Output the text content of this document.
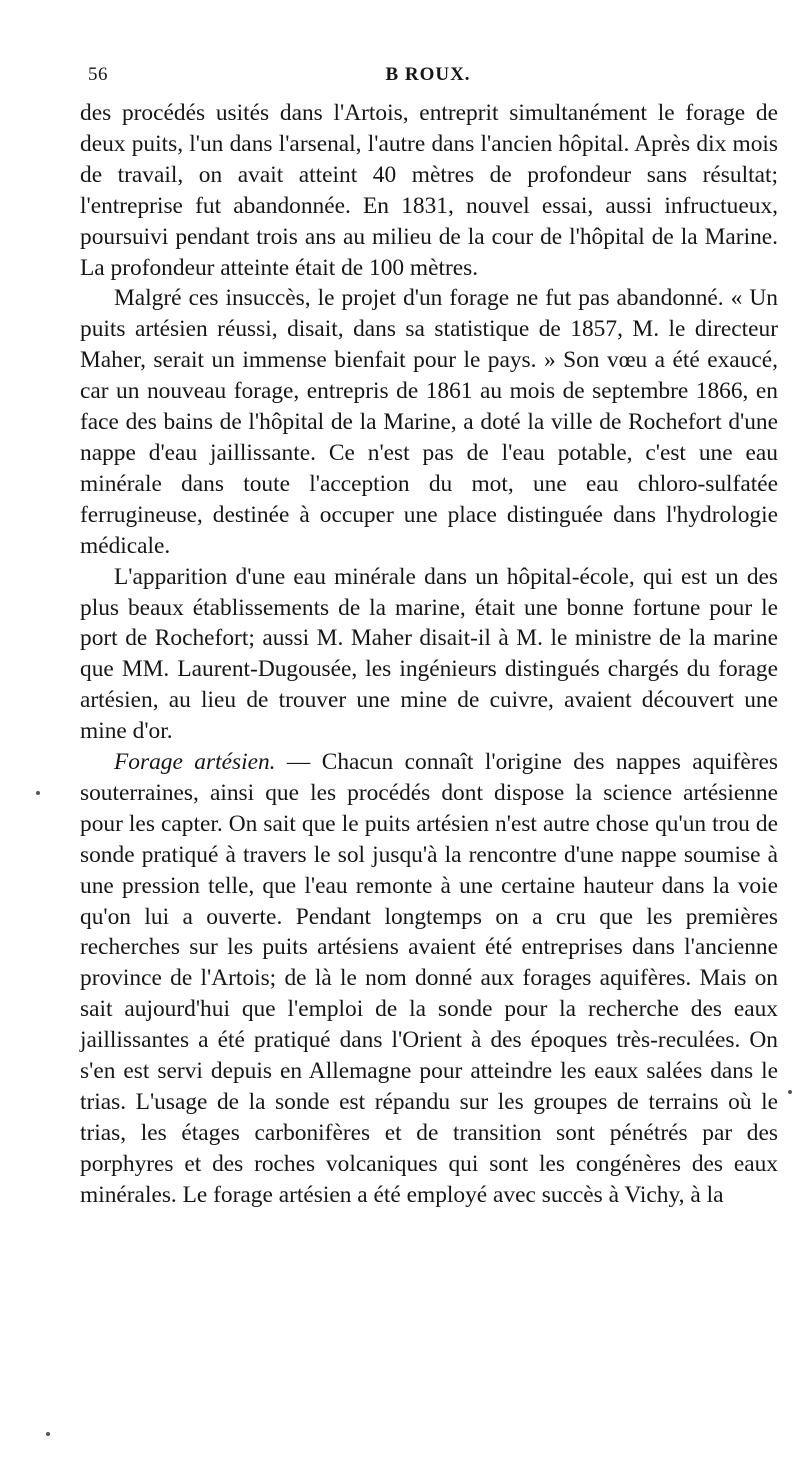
56	B ROUX.

des procédés usités dans l'Artois, entreprit simultanément le forage de deux puits, l'un dans l'arsenal, l'autre dans l'ancien hôpital. Après dix mois de travail, on avait atteint 40 mètres de profondeur sans résultat; l'entreprise fut abandonnée. En 1831, nouvel essai, aussi infructueux, poursuivi pendant trois ans au milieu de la cour de l'hôpital de la Marine. La profondeur atteinte était de 100 mètres.

Malgré ces insuccès, le projet d'un forage ne fut pas abandonné. « Un puits artésien réussi, disait, dans sa statistique de 1857, M. le directeur Maher, serait un immense bienfait pour le pays. » Son vœu a été exaucé, car un nouveau forage, entrepris de 1861 au mois de septembre 1866, en face des bains de l'hôpital de la Marine, a doté la ville de Rochefort d'une nappe d'eau jaillissante. Ce n'est pas de l'eau potable, c'est une eau minérale dans toute l'acception du mot, une eau chloro-sulfatée ferrugineuse, destinée à occuper une place distinguée dans l'hydrologie médicale.

L'apparition d'une eau minérale dans un hôpital-école, qui est un des plus beaux établissements de la marine, était une bonne fortune pour le port de Rochefort; aussi M. Maher disait-il à M. le ministre de la marine que MM. Laurent-Dugousée, les ingénieurs distingués chargés du forage artésien, au lieu de trouver une mine de cuivre, avaient découvert une mine d'or.

Forage artésien. — Chacun connaît l'origine des nappes aquifères souterraines, ainsi que les procédés dont dispose la science artésienne pour les capter. On sait que le puits artésien n'est autre chose qu'un trou de sonde pratiqué à travers le sol jusqu'à la rencontre d'une nappe soumise à une pression telle, que l'eau remonte à une certaine hauteur dans la voie qu'on lui a ouverte. Pendant longtemps on a cru que les premières recherches sur les puits artésiens avaient été entreprises dans l'ancienne province de l'Artois; de là le nom donné aux forages aquifères. Mais on sait aujourd'hui que l'emploi de la sonde pour la recherche des eaux jaillissantes a été pratiqué dans l'Orient à des époques très-reculées. On s'en est servi depuis en Allemagne pour atteindre les eaux salées dans le trias. L'usage de la sonde est répandu sur les groupes de terrains où le trias, les étages carbonifères et de transition sont pénétrés par des porphyres et des roches volcaniques qui sont les congénères des eaux minérales. Le forage artésien a été employé avec succès à Vichy, à la
